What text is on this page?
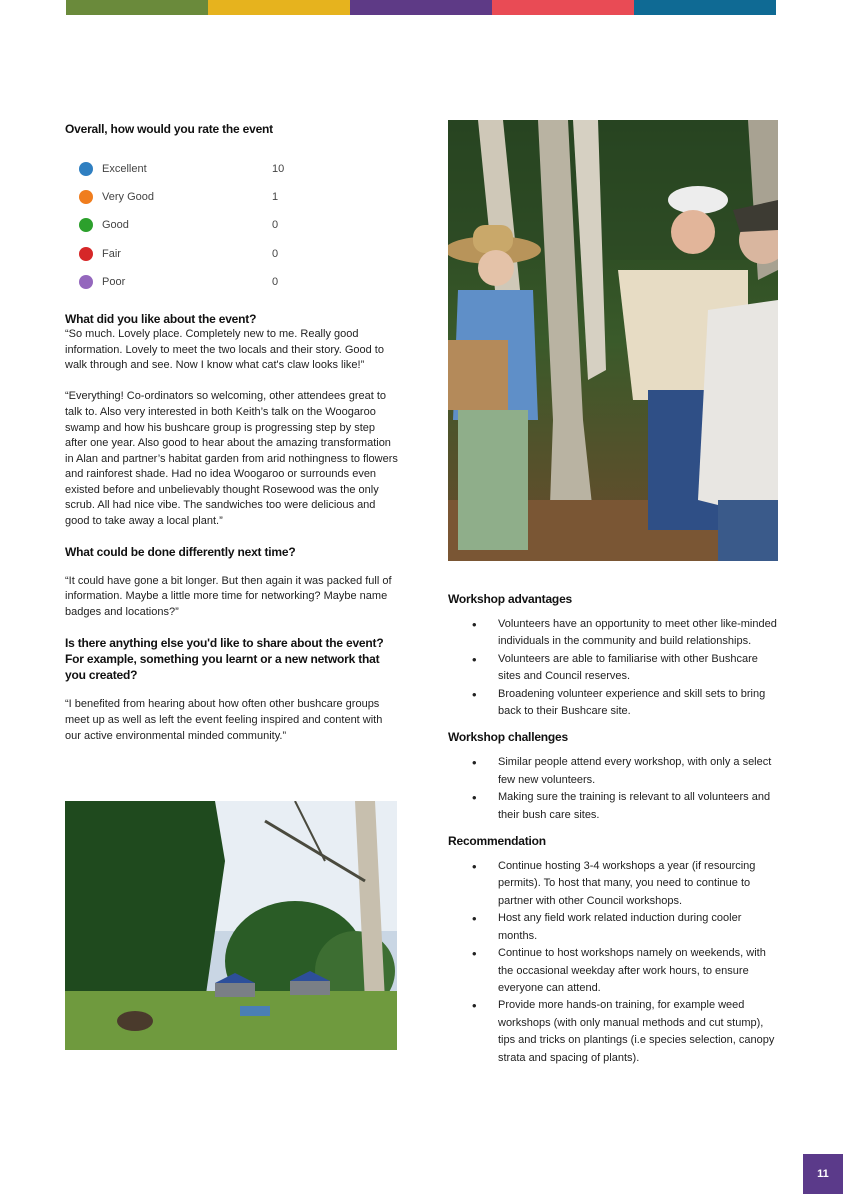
Overall, how would you rate the event
Excellent	10
Very Good	1
Good	0
Fair	0
Poor	0
What did you like about the event?

“So much. Lovely place. Completely new to me. Really good information. Lovely to meet the two locals and their story. Good to walk through and see. Now I know what cat's claw looks like!”

“Everything! Co-ordinators so welcoming, other attendees great to talk to. Also very interested in both Keith’s talk on the Woogaroo swamp and how his bushcare group is progressing step by step after one year. Also good to hear about the amazing transformation in Alan and partner’s habitat garden from arid nothingness to flowers and rainforest shade. Had no idea Woogaroo or surrounds even existed before and unbelievably thought Rosewood was the only scrub. All had nice vibe. The sandwiches too were delicious and good to take away a local plant.”

What could be done differently next time?

“It could have gone a bit longer. But then again it was packed full of information. Maybe a little more time for networking? Maybe name badges and locations?”

Is there anything else you'd like to share about the event? For example, something you learnt or a new network that you created?

“I benefited from hearing about how often other bushcare groups meet up as well as left the event feeling inspired and content with our active environmental minded community.”

Workshop advantages
• Volunteers have an opportunity to meet other like-minded individuals in the community and build relationships.
• Volunteers are able to familiarise with other Bushcare sites and Council reserves.
• Broadening volunteer experience and skill sets to bring back to their Bushcare site.
Workshop challenges
• Similar people attend every workshop, with only a select few new volunteers.
• Making sure the training is relevant to all volunteers and their bush care sites.
Recommendation
• Continue hosting 3-4 workshops a year (if resourcing permits). To host that many, you need to continue to partner with other Council workshops.
• Host any field work related induction during cooler months.
• Continue to host workshops namely on weekends, with the occasional weekday after work hours, to ensure everyone can attend.
• Provide more hands-on training, for example weed workshops (with only manual methods and cut stump), tips and tricks on plantings (i.e species selection, canopy strata and spacing of plants).
11
